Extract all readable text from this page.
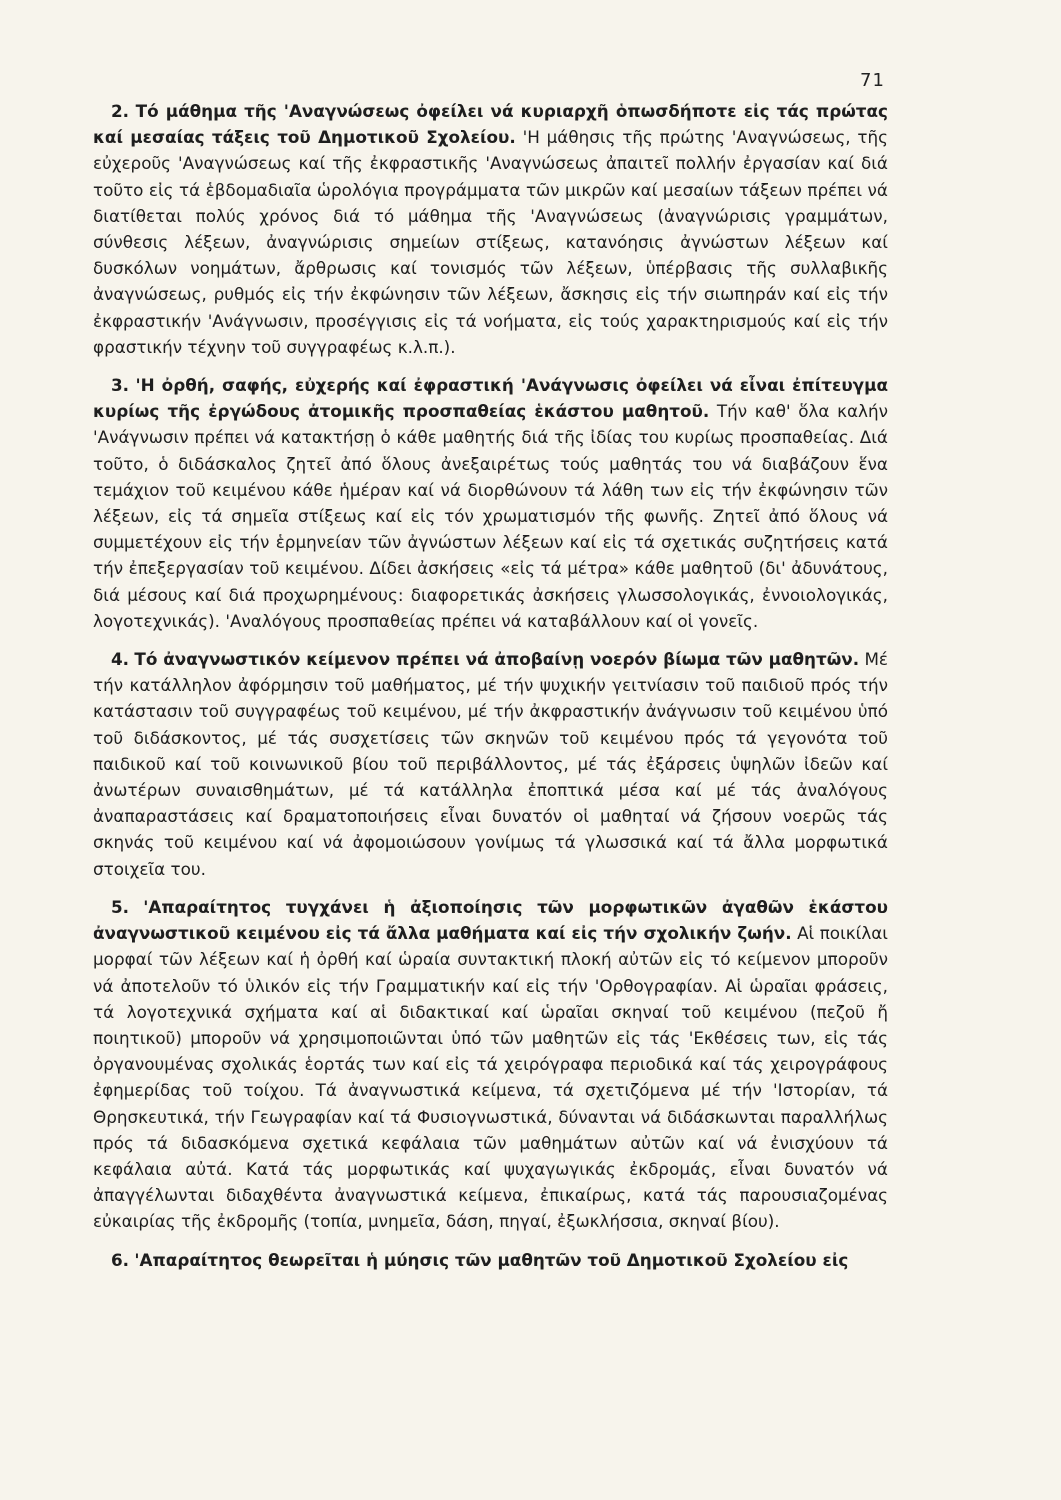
71

2. Τό μάθημα τῆς 'Αναγνώσεως ὀφείλει νά κυριαρχῆ ὁπωσδήποτε εἰς τάς πρώτας καί μεσαίας τάξεις τοῦ Δημοτικοῦ Σχολείου. 'Η μάθησις τῆς πρώτης 'Αναγνώσεως, τῆς εὐχεροῦς 'Αναγνώσεως καί τῆς ἐκφραστικῆς 'Αναγνώσεως ἀπαιτεῖ πολλήν ἐργασίαν καί διά τοῦτο εἰς τά ἑβδομαδιαῖα ὡρολόγια προγράμματα τῶν μικρῶν καί μεσαίων τάξεων πρέπει νά διατίθεται πολύς χρόνος διά τό μάθημα τῆς 'Αναγνώσεως (ἀναγνώρισις γραμμάτων, σύνθεσις λέξεων, ἀναγνώρισις σημείων στίξεως, κατανόησις ἀγνώστων λέξεων καί δυσκόλων νοημάτων, ἄρθρωσις καί τονισμός τῶν λέξεων, ὑπέρβασις τῆς συλλαβικῆς ἀναγνώσεως, ρυθμός εἰς τήν ἐκφώνησιν τῶν λέξεων, ἄσκησις εἰς τήν σιωπηράν καί εἰς τήν ἐκφραστικήν 'Ανάγνωσιν, προσέγγισις εἰς τά νοήματα, εἰς τούς χαρακτηρισμούς καί εἰς τήν φραστικήν τέχνην τοῦ συγγραφέως κ.λ.π.).

3. 'Η ὀρθή, σαφής, εὐχερής καί ἐφραστική 'Ανάγνωσις ὀφείλει νά εἶναι ἐπίτευγμα κυρίως τῆς ἐργώδους ἀτομικῆς προσπαθείας ἑκάστου μαθητοῦ. Τήν καθ' ὅλα καλήν 'Ανάγνωσιν πρέπει νά κατακτήσῃ ὁ κάθε μαθητής διά τῆς ἰδίας του κυρίως προσπαθείας. Διά τοῦτο, ὁ διδάσκαλος ζητεῖ ἀπό ὅλους ἀνεξαιρέτως τούς μαθητάς του νά διαβάζουν ἕνα τεμάχιον τοῦ κειμένου κάθε ἡμέραν καί νά διορθώνουν τά λάθη των εἰς τήν ἐκφώνησιν τῶν λέξεων, εἰς τά σημεῖα στίξεως καί εἰς τόν χρωματισμόν τῆς φωνῆς. Ζητεῖ ἀπό ὅλους νά συμμετέχουν εἰς τήν ἑρμηνείαν τῶν ἀγνώστων λέξεων καί εἰς τά σχετικάς συζητήσεις κατά τήν ἐπεξεργασίαν τοῦ κειμένου. Δίδει ἀσκήσεις «εἰς τά μέτρα» κάθε μαθητοῦ (δι' ἀδυνάτους, διά μέσους καί διά προχωρημένους: διαφορετικάς ἀσκήσεις γλωσσολογικάς, ἐννοιολογικάς, λογοτεχνικάς). 'Αναλόγους προσπαθείας πρέπει νά καταβάλλουν καί οἱ γονεῖς.

4. Τό ἀναγνωστικόν κείμενον πρέπει νά ἀποβαίνῃ νοερόν βίωμα τῶν μαθητῶν. Μέ τήν κατάλληλον ἀφόρμησιν τοῦ μαθήματος, μέ τήν ψυχικήν γειτνίασιν τοῦ παιδιοῦ πρός τήν κατάστασιν τοῦ συγγραφέως τοῦ κειμένου, μέ τήν ἀκφραστικήν ἀνάγνωσιν τοῦ κειμένου ὑπό τοῦ διδάσκοντος, μέ τάς συσχετίσεις τῶν σκηνῶν τοῦ κειμένου πρός τά γεγονότα τοῦ παιδικοῦ καί τοῦ κοινωνικοῦ βίου τοῦ περιβάλλοντος, μέ τάς ἐξάρσεις ὑψηλῶν ἰδεῶν καί ἀνωτέρων συναισθημάτων, μέ τά κατάλληλα ἐποπτικά μέσα καί μέ τάς ἀναλόγους ἀναπαραστάσεις καί δραματοποιήσεις εἶναι δυνατόν οἱ μαθηταί νά ζήσουν νοερῶς τάς σκηνάς τοῦ κειμένου καί νά ἀφομοιώσουν γονίμως τά γλωσσικά καί τά ἄλλα μορφωτικά στοιχεῖα του.

5. 'Απαραίτητος τυγχάνει ἡ ἀξιοποίησις τῶν μορφωτικῶν ἀγαθῶν ἑκάστου ἀναγνωστικοῦ κειμένου εἰς τά ἄλλα μαθήματα καί εἰς τήν σχολικήν ζωήν. Αἱ ποικίλαι μορφαί τῶν λέξεων καί ἡ ὀρθή καί ὡραία συντακτική πλοκή αὐτῶν εἰς τό κείμενον μποροῦν νά ἀποτελοῦν τό ὑλικόν εἰς τήν Γραμματικήν καί εἰς τήν 'Ορθογραφίαν. Αἱ ὡραῖαι φράσεις, τά λογοτεχνικά σχήματα καί αἱ διδακτικαί καί ὡραῖαι σκηναί τοῦ κειμένου (πεζοῦ ἤ ποιητικοῦ) μποροῦν νά χρησιμοποιῶνται ὑπό τῶν μαθητῶν εἰς τάς 'Εκθέσεις των, εἰς τάς ὀργανουμένας σχολικάς ἑορτάς των καί εἰς τά χειρόγραφα περιοδικά καί τάς χειρογράφους ἐφημερίδας τοῦ τοίχου. Τά ἀναγνωστικά κείμενα, τά σχετιζόμενα μέ τήν 'Ιστορίαν, τά Θρησκευτικά, τήν Γεωγραφίαν καί τά Φυσιογνωστικά, δύνανται νά διδάσκωνται παραλλήλως πρός τά διδασκόμενα σχετικά κεφάλαια τῶν μαθημάτων αὐτῶν καί νά ἐνισχύουν τά κεφάλαια αὐτά. Κατά τάς μορφωτικάς καί ψυχαγωγικάς ἐκδρομάς, εἶναι δυνατόν νά ἀπαγγέλωνται διδαχθέντα ἀναγνωστικά κείμενα, ἐπικαίρως, κατά τάς παρουσιαζομένας εὐκαιρίας τῆς ἐκδρομῆς (τοπία, μνημεῖα, δάση, πηγαί, ἐξωκλήσσια, σκηναί βίου).

6. 'Απαραίτητος θεωρεῖται ἡ μύησις τῶν μαθητῶν τοῦ Δημοτικοῦ Σχολείου εἰς
